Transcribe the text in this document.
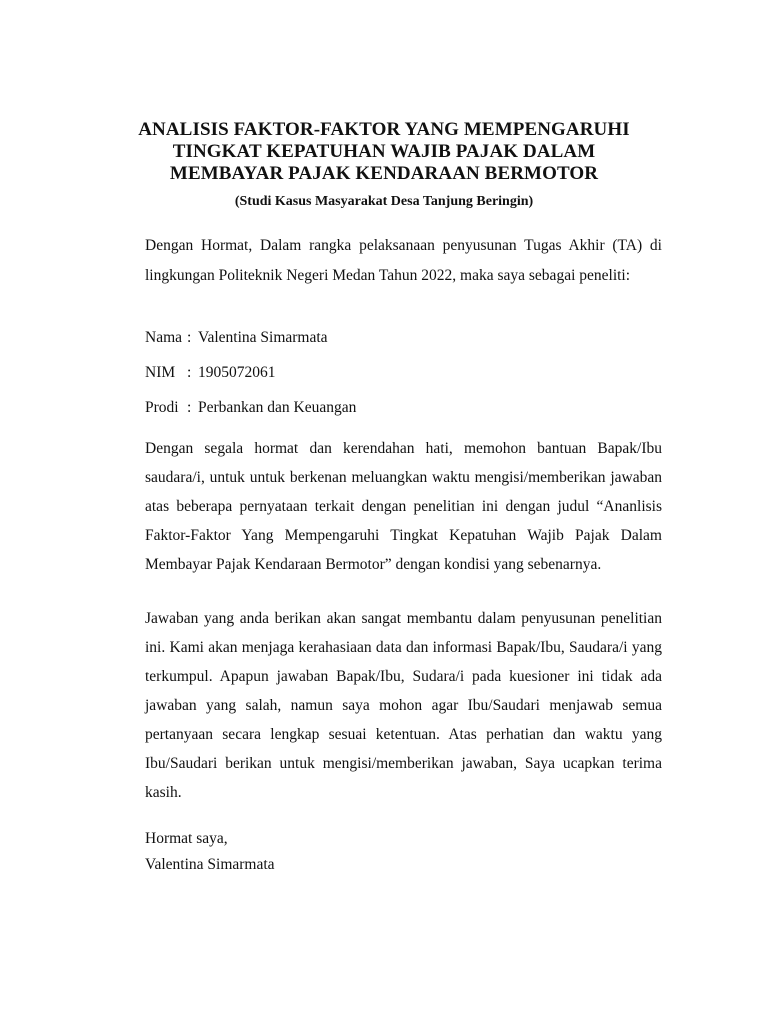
ANALISIS FAKTOR-FAKTOR YANG MEMPENGARUHI
TINGKAT KEPATUHAN WAJIB PAJAK DALAM
MEMBAYAR PAJAK KENDARAAN BERMOTOR
(Studi Kasus Masyarakat Desa Tanjung Beringin)
Dengan Hormat, Dalam rangka pelaksanaan penyusunan Tugas Akhir (TA) di lingkungan Politeknik Negeri Medan Tahun 2022, maka saya sebagai peneliti:
Nama : Valentina Simarmata
NIM : 1905072061
Prodi : Perbankan dan Keuangan
Dengan segala hormat dan kerendahan hati, memohon bantuan Bapak/Ibu saudara/i, untuk untuk berkenan meluangkan waktu mengisi/memberikan jawaban atas beberapa pernyataan terkait dengan penelitian ini dengan judul “Ananlisis Faktor-Faktor Yang Mempengaruhi Tingkat Kepatuhan Wajib Pajak Dalam Membayar Pajak Kendaraan Bermotor” dengan kondisi yang sebenarnya.
Jawaban yang anda berikan akan sangat membantu dalam penyusunan penelitian ini. Kami akan menjaga kerahasiaan data dan informasi Bapak/Ibu, Saudara/i yang terkumpul. Apapun jawaban Bapak/Ibu, Sudara/i pada kuesioner ini tidak ada jawaban yang salah, namun saya mohon agar Ibu/Saudari menjawab semua pertanyaan secara lengkap sesuai ketentuan. Atas perhatian dan waktu yang Ibu/Saudari berikan untuk mengisi/memberikan jawaban, Saya ucapkan terima kasih.
Hormat saya,
Valentina Simarmata
